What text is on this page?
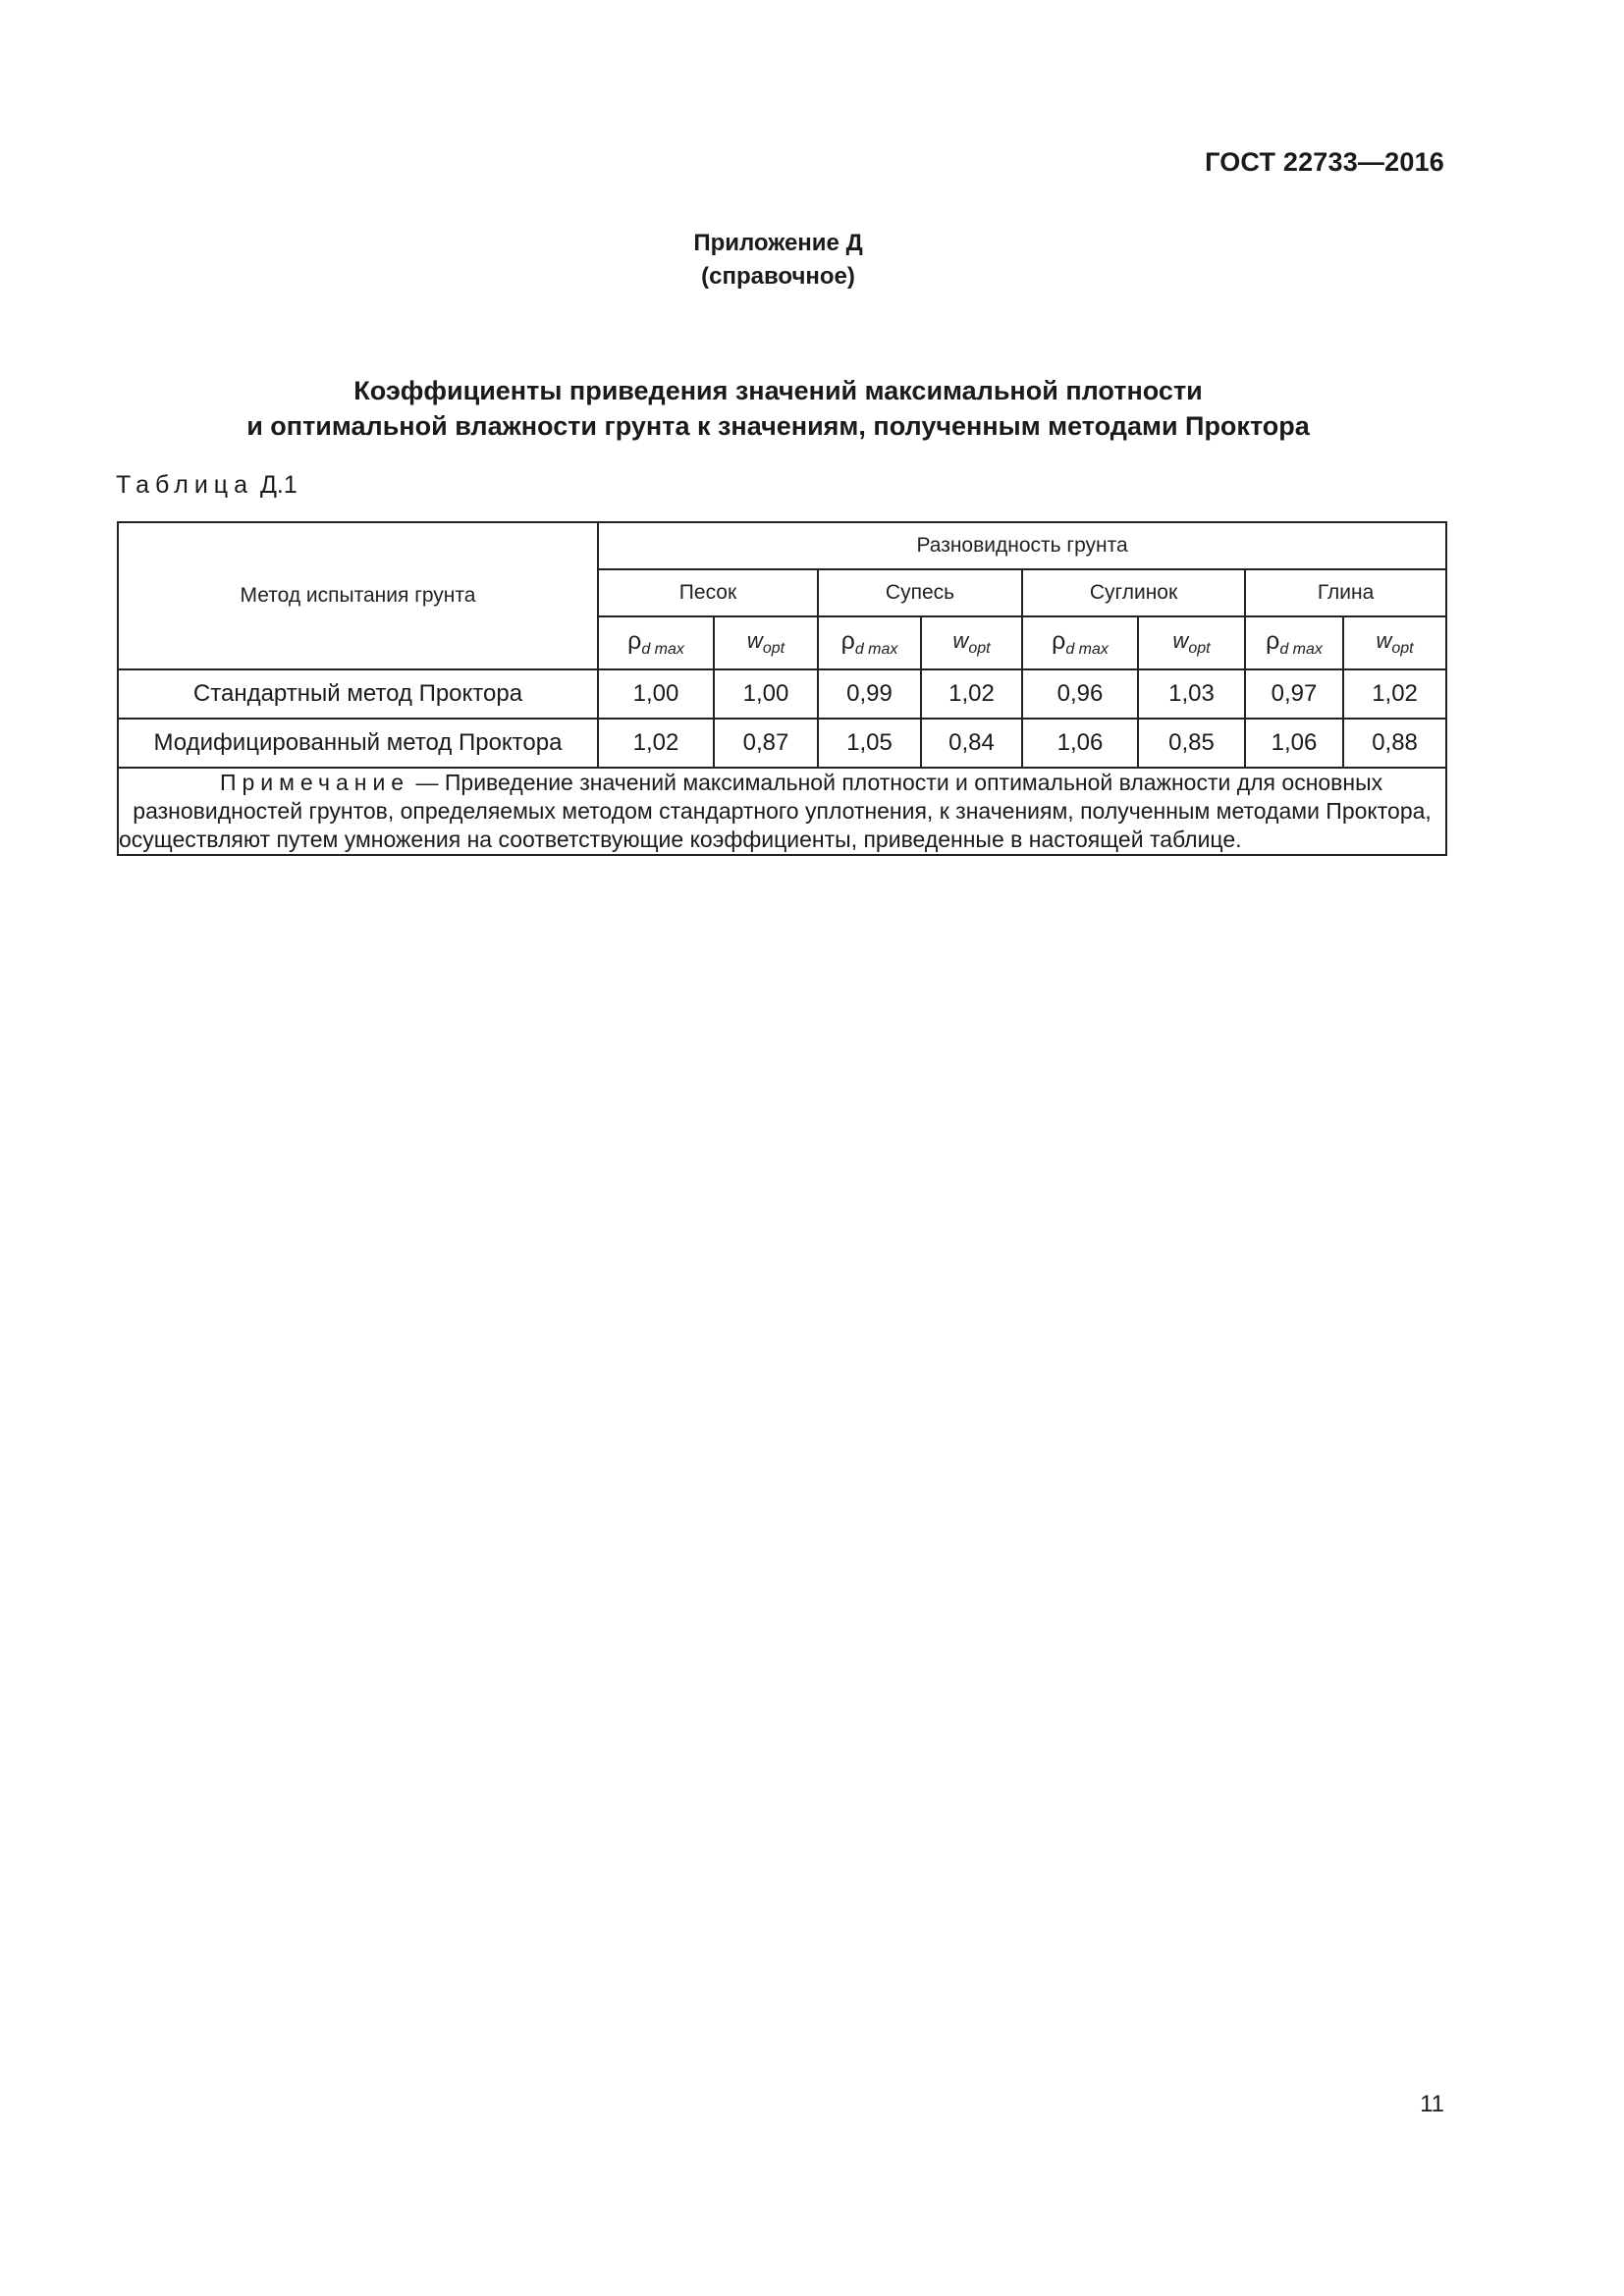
ГОСТ 22733—2016
Приложение Д
(справочное)
Коэффициенты приведения значений максимальной плотности
и оптимальной влажности грунта к значениям, полученным методами Проктора
Таблица Д.1
Метод испытания грунта	Разновидность грунта							
	Песок		Супесь		Суглинок		Глина	
	$\rho_{d max}$	$w_{opt}$	$\rho_{d max}$	$w_{opt}$	$\rho_{d max}$	$w_{opt}$	$\rho_{d max}$	$w_{opt}$
Стандартный метод Проктора	1,00	1,00	0,99	1,02	0,96	1,03	0,97	1,02
Модифицированный метод Проктора	1,02	0,87	1,05	0,84	1,06	0,85	1,06	0,88
Примечание — Приведение значений максимальной плотности и оптимальной влажности для основных разновидностей грунтов, определяемых методом стандартного уплотнения, к значениям, полученным методами Проктора, осуществляют путем умножения на соответствующие коэффициенты, приведенные в настоящей таблице.								
11
